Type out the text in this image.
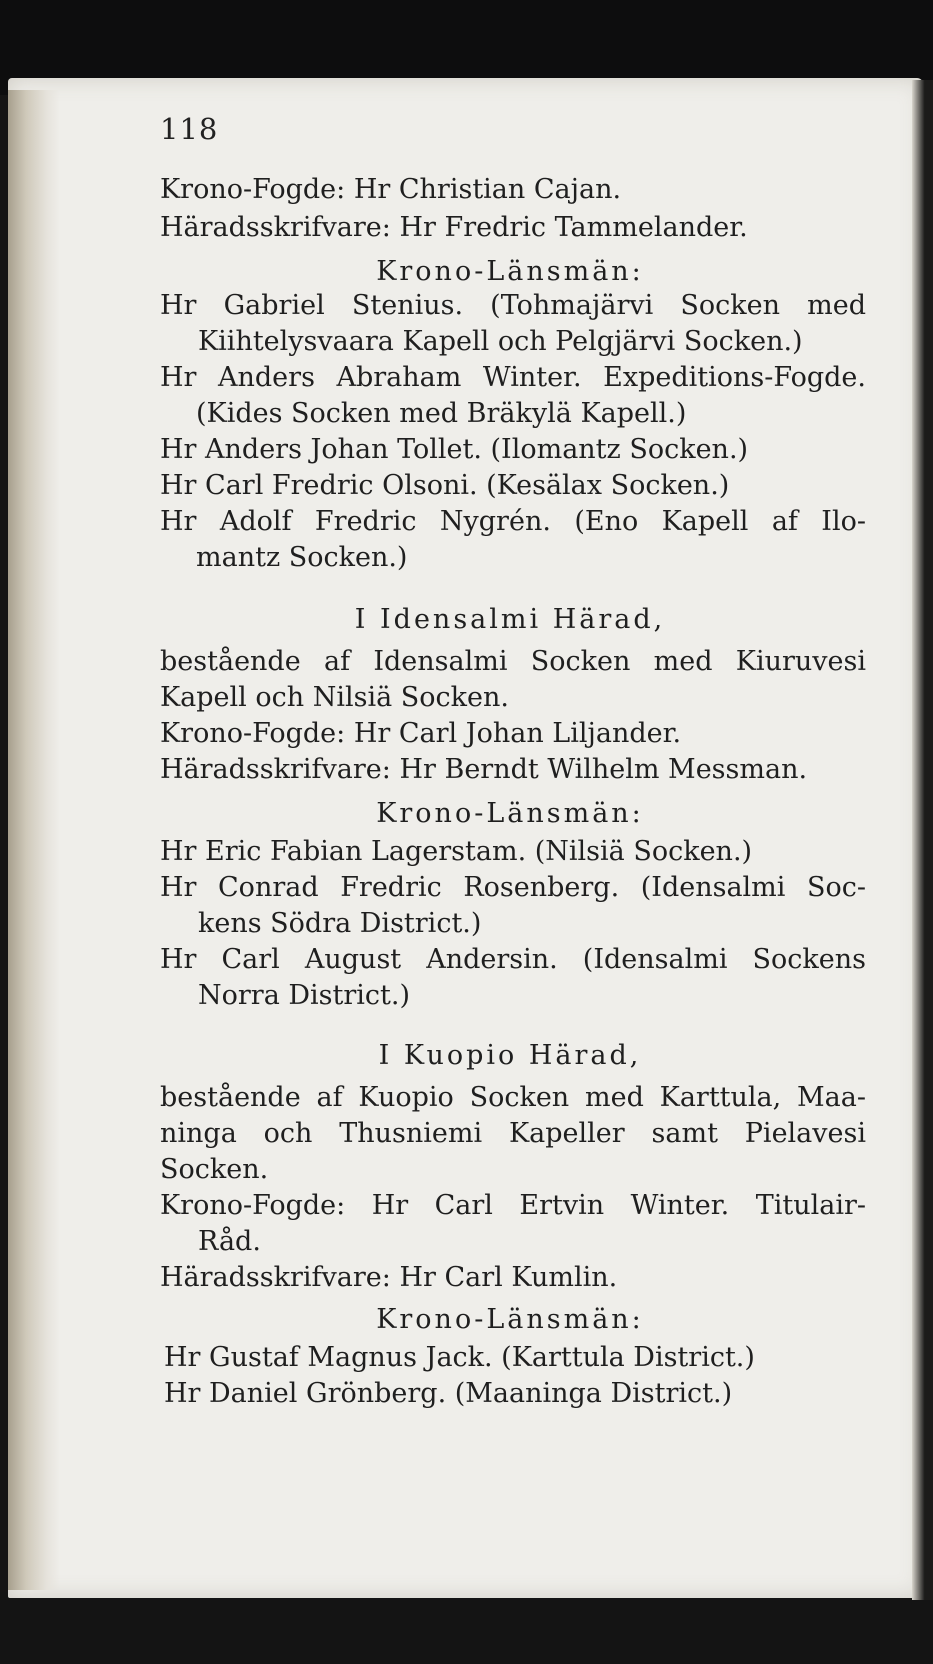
118
Krono-Fogde: Hr Christian Cajan.
Häradsskrifvare: Hr Fredric Tammelander.
Krono-Länsmän:
Hr Gabriel Stenius. (Tohmajärvi Socken med
Kiihtelysvaara Kapell och Pelgjärvi Socken.)
Hr Anders Abraham Winter. Expeditions-Fogde.
(Kides Socken med Bräkylä Kapell.)
Hr Anders Johan Tollet. (Ilomantz Socken.)
Hr Carl Fredric Olsoni. (Kesälax Socken.)
Hr Adolf Fredric Nygrén. (Eno Kapell af Ilo-
mantz Socken.)
I Idensalmi Härad,
bestående af Idensalmi Socken med Kiuruvesi
Kapell och Nilsiä Socken.
Krono-Fogde: Hr Carl Johan Liljander.
Häradsskrifvare: Hr Berndt Wilhelm Messman.
Krono-Länsmän:
Hr Eric Fabian Lagerstam. (Nilsiä Socken.)
Hr Conrad Fredric Rosenberg. (Idensalmi Soc-
kens Södra District.)
Hr Carl August Andersin. (Idensalmi Sockens
Norra District.)
I Kuopio Härad,
bestående af Kuopio Socken med Karttula, Maa-
ninga och Thusniemi Kapeller samt Pielavesi
Socken.
Krono-Fogde: Hr Carl Ertvin Winter. Titulair-
Råd.
Häradsskrifvare: Hr Carl Kumlin.
Krono-Länsmän:
Hr Gustaf Magnus Jack. (Karttula District.)
Hr Daniel Grönberg. (Maaninga District.)
